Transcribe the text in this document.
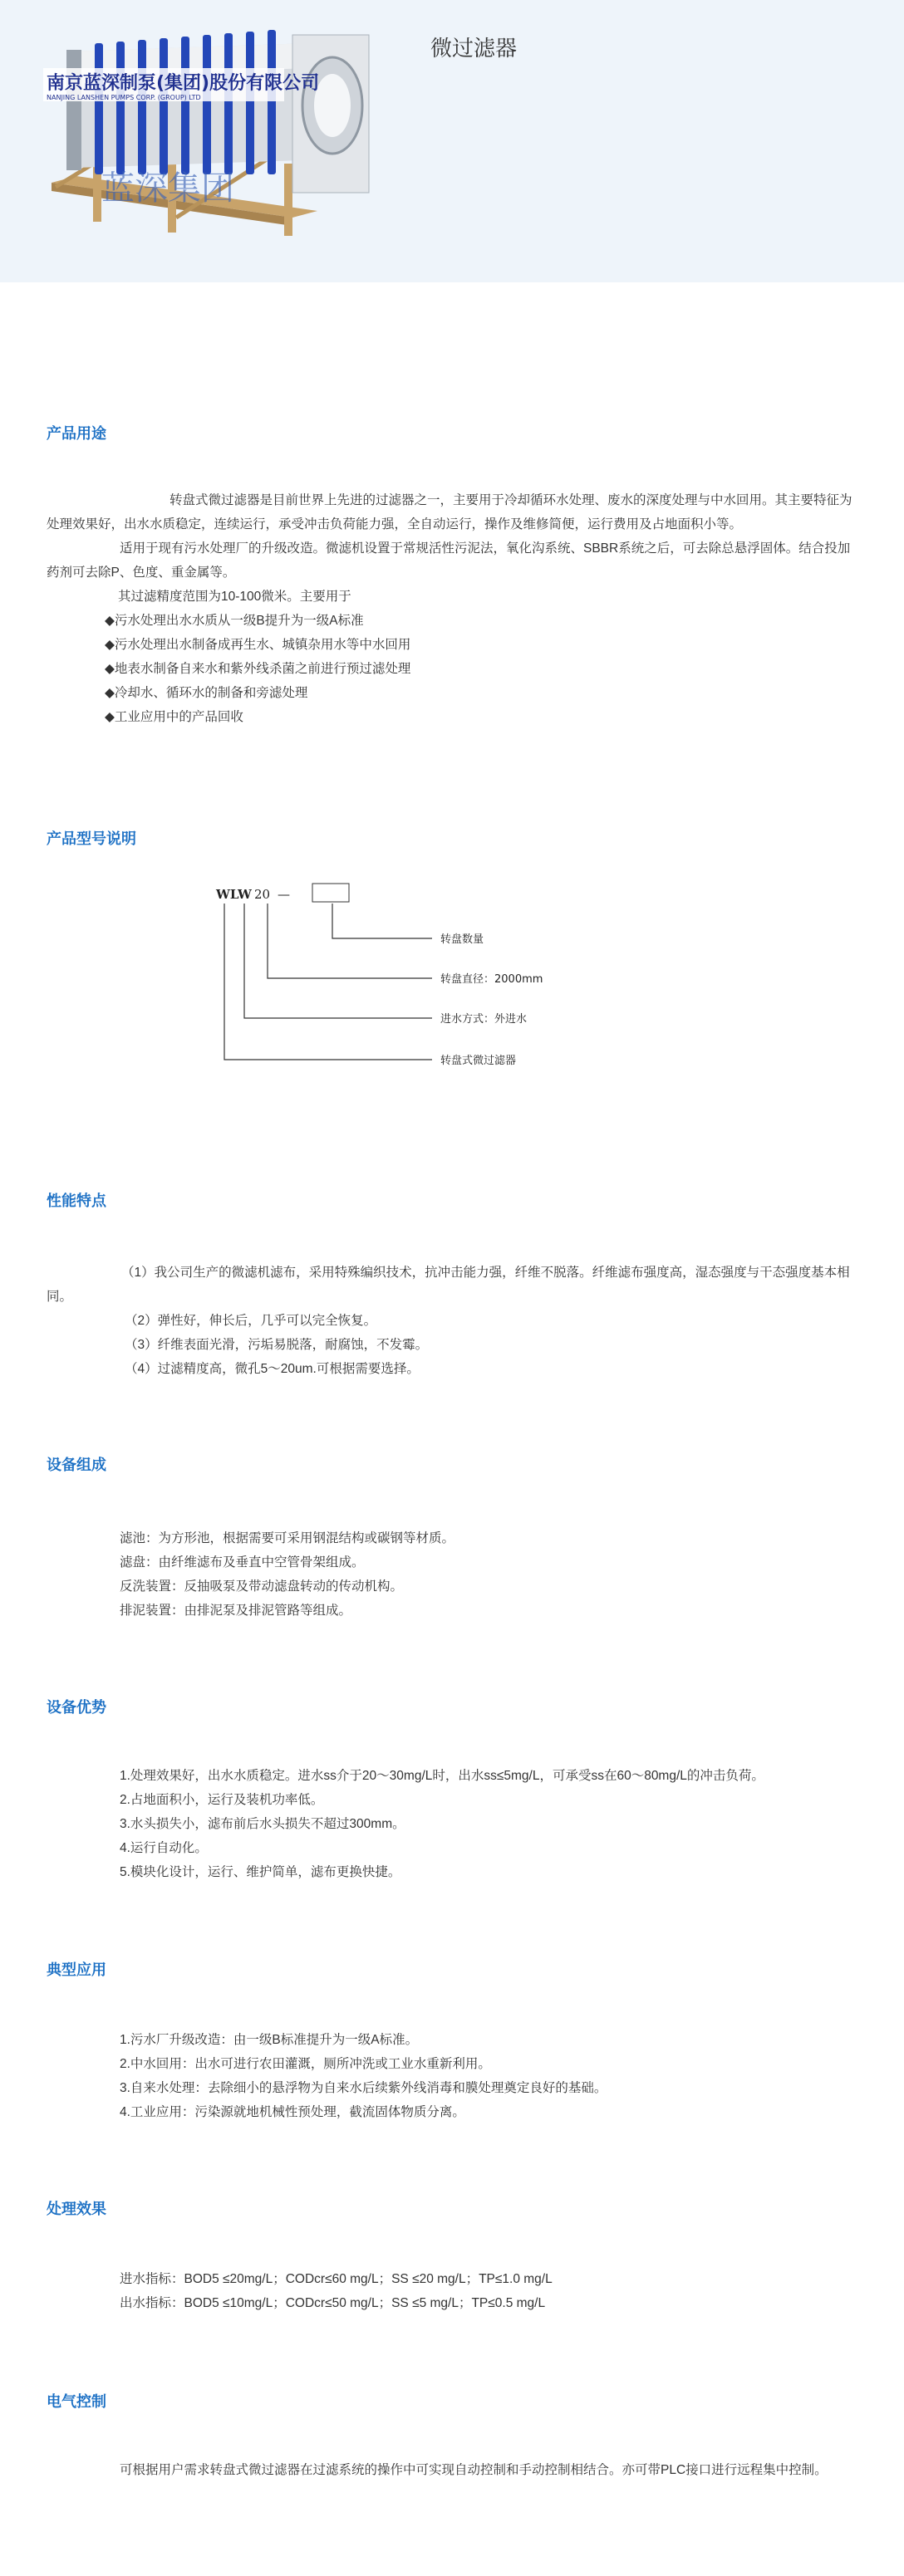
南京蓝深制泵(集团)股份有限公司
NANJING LANSHEN PUMPS CORP. (GROUP) LTD
蓝深集团
微过滤器
产品用途

转盘式微过滤器是目前世界上先进的过滤器之一，主要用于冷却循环水处理、废水的深度处理与中水回用。其主要特征为处理效果好，出水水质稳定，连续运行，承受冲击负荷能力强，全自动运行，操作及维修简便，运行费用及占地面积小等。

适用于现有污水处理厂的升级改造。微滤机设置于常规活性污泥法，氧化沟系统、SBBR系统之后，可去除总悬浮固体。结合投加药剂可去除P、色度、重金属等。

其过滤精度范围为10-100微米。主要用于

◆污水处理出水水质从一级B提升为一级A标准

◆污水处理出水制备成再生水、城镇杂用水等中水回用

◆地表水制备自来水和紫外线杀菌之前进行预过滤处理

◆冷却水、循环水的制备和旁滤处理

◆工业应用中的产品回收

产品型号说明
WL
W 20 —
转盘数量
转盘直径：2000mm
进水方式：外进水
转盘式微过滤器
性能特点

（1）我公司生产的微滤机滤布，采用特殊编织技术，抗冲击能力强，纤维不脱落。纤维滤布强度高，湿态强度与干态强度基本相同。

（2）弹性好，伸长后，几乎可以完全恢复。

（3）纤维表面光滑，污垢易脱落，耐腐蚀，不发霉。

（4）过滤精度高，微孔5～20um.可根据需要选择。

设备组成

滤池：为方形池，根据需要可采用钢混结构或碳钢等材质。

滤盘：由纤维滤布及垂直中空管骨架组成。

反洗装置：反抽吸泵及带动滤盘转动的传动机构。

排泥装置：由排泥泵及排泥管路等组成。

设备优势

1.处理效果好，出水水质稳定。进水ss介于20～30mg/L时，出水ss≤5mg/L，可承受ss在60～80mg/L的冲击负荷。

2.占地面积小，运行及装机功率低。

3.水头损失小，滤布前后水头损失不超过300mm。

4.运行自动化。

5.模块化设计，运行、维护简单，滤布更换快捷。

典型应用

1.污水厂升级改造：由一级B标准提升为一级A标准。

2.中水回用：出水可进行农田灌溉，厕所冲洗或工业水重新利用。

3.自来水处理：去除细小的悬浮物为自来水后续紫外线消毒和膜处理奠定良好的基础。

4.工业应用：污染源就地机械性预处理，截流固体物质分离。

处理效果

进水指标：BOD5 ≤20mg/L；CODcr≤60 mg/L；SS ≤20 mg/L；TP≤1.0 mg/L

出水指标：BOD5 ≤10mg/L；CODcr≤50 mg/L；SS ≤5 mg/L；TP≤0.5 mg/L

电气控制

可根据用户需求转盘式微过滤器在过滤系统的操作中可实现自动控制和手动控制相结合。亦可带PLC接口进行远程集中控制。
